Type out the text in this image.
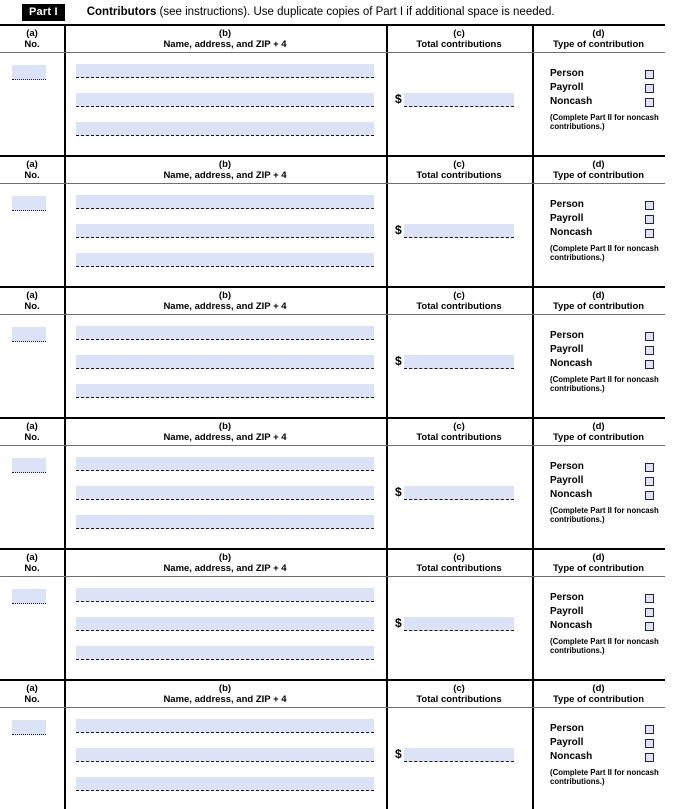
Part I	Contributors (see instructions). Use duplicate copies of Part I if additional space is needed.
(a)
No.
(b)
Name, address, and ZIP + 4
(c)
Total contributions
(d)
Type of contribution
$
Person
Payroll
Noncash
(Complete Part II for noncash contributions.)
(a)
No.
(b)
Name, address, and ZIP + 4
(c)
Total contributions
(d)
Type of contribution
$
Person
Payroll
Noncash
(Complete Part II for noncash contributions.)
(a)
No.
(b)
Name, address, and ZIP + 4
(c)
Total contributions
(d)
Type of contribution
$
Person
Payroll
Noncash
(Complete Part II for noncash contributions.)
(a)
No.
(b)
Name, address, and ZIP + 4
(c)
Total contributions
(d)
Type of contribution
$
Person
Payroll
Noncash
(Complete Part II for noncash contributions.)
(a)
No.
(b)
Name, address, and ZIP + 4
(c)
Total contributions
(d)
Type of contribution
$
Person
Payroll
Noncash
(Complete Part II for noncash contributions.)
(a)
No.
(b)
Name, address, and ZIP + 4
(c)
Total contributions
(d)
Type of contribution
$
Person
Payroll
Noncash
(Complete Part II for noncash contributions.)
